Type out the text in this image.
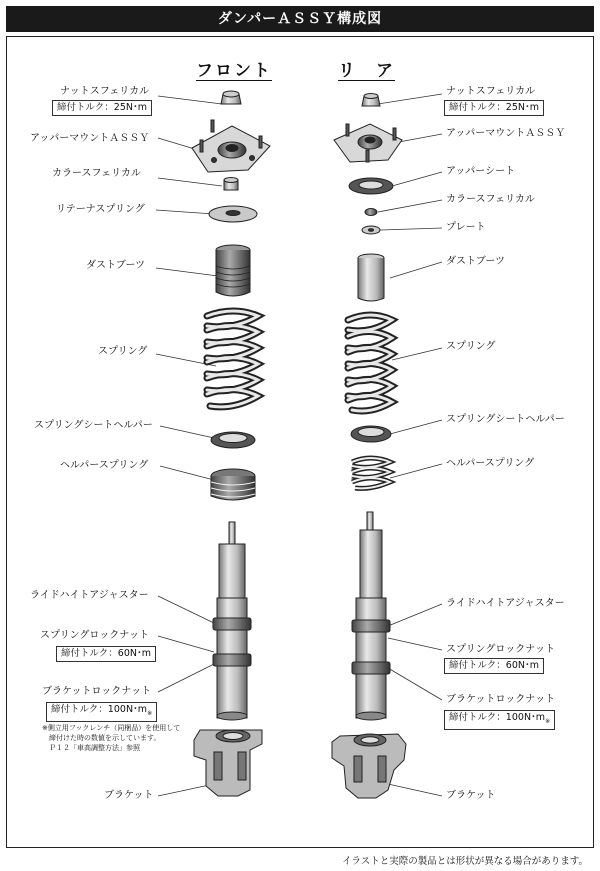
ダンパーＡＳＳＹ構成図
フロント	リ　ア
ナットスフェリカル
締付トルク：25N･m
アッパーマウントＡＳＳＹ
カラースフェリカル
リテーナスプリング
ダストブーツ
スプリング
スプリングシートヘルパー
ヘルパースプリング
ライドハイトアジャスター
スプリングロックナット
締付トルク：60N･m
ブラケットロックナット
締付トルク：100N･$m_※$
※側立用フックレンチ（同梱品）を使用して
　締付けた時の数値を示しています。
　Ｐ１２「車高調整方法」参照
ブラケット
ナットスフェリカル
締付トルク：25N･m
アッパーマウントＡＳＳＹ
アッパーシート
カラースフェリカル
プレート
ダストブーツ
スプリング
スプリングシートヘルパー
ヘルパースプリング
ライドハイトアジャスター
スプリングロックナット
締付トルク：60N･m
ブラケットロックナット
締付トルク：100N･$m_※$
ブラケット
イラストと実際の製品とは形状が異なる場合があります。
